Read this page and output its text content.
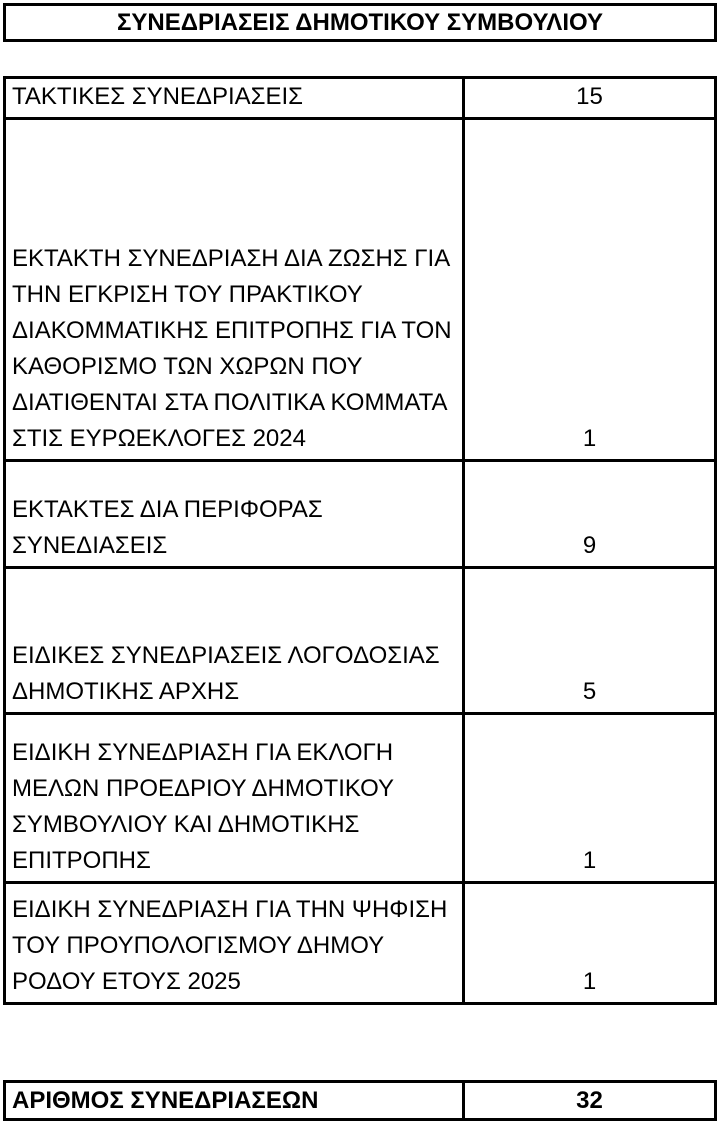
ΣΥΝΕΔΡΙΑΣΕΙΣ ΔΗΜΟΤΙΚΟΥ ΣΥΜΒΟΥΛΙΟΥ
ΤΑΚΤΙΚΕΣ ΣΥΝΕΔΡΙΑΣΕΙΣ	15
ΕΚΤΑΚΤΗ ΣΥΝΕΔΡΙΑΣΗ ΔΙΑ ΖΩΣΗΣ ΓΙΑ ΤΗΝ ΕΓΚΡΙΣΗ ΤΟΥ ΠΡΑΚΤΙΚΟΥ ΔΙΑΚΟΜΜΑΤΙΚΗΣ ΕΠΙΤΡΟΠΗΣ ΓΙΑ ΤΟΝ ΚΑΘΟΡΙΣΜΟ ΤΩΝ ΧΩΡΩΝ ΠΟΥ ΔΙΑΤΙΘΕΝΤΑΙ ΣΤΑ ΠΟΛΙΤΙΚΑ ΚΟΜΜΑΤΑ ΣΤΙΣ ΕΥΡΩΕΚΛΟΓΕΣ 2024	1
ΕΚΤΑΚΤΕΣ ΔΙΑ ΠΕΡΙΦΟΡΑΣ ΣΥΝΕΔΙΑΣΕΙΣ	9
ΕΙΔΙΚΕΣ ΣΥΝΕΔΡΙΑΣΕΙΣ ΛΟΓΟΔΟΣΙΑΣ ΔΗΜΟΤΙΚΗΣ ΑΡΧΗΣ	5
ΕΙΔΙΚΗ ΣΥΝΕΔΡΙΑΣΗ ΓΙΑ ΕΚΛΟΓΗ ΜΕΛΩΝ ΠΡΟΕΔΡΙΟΥ ΔΗΜΟΤΙΚΟΥ ΣΥΜΒΟΥΛΙΟΥ ΚΑΙ ΔΗΜΟΤΙΚΗΣ ΕΠΙΤΡΟΠΗΣ	1
ΕΙΔΙΚΗ ΣΥΝΕΔΡΙΑΣΗ ΓΙΑ ΤΗΝ ΨΗΦΙΣΗ ΤΟΥ ΠΡΟΥΠΟΛΟΓΙΣΜΟΥ ΔΗΜΟΥ ΡΟΔΟΥ ΕΤΟΥΣ 2025	1
ΑΡΙΘΜΟΣ ΣΥΝΕΔΡΙΑΣΕΩΝ	32
